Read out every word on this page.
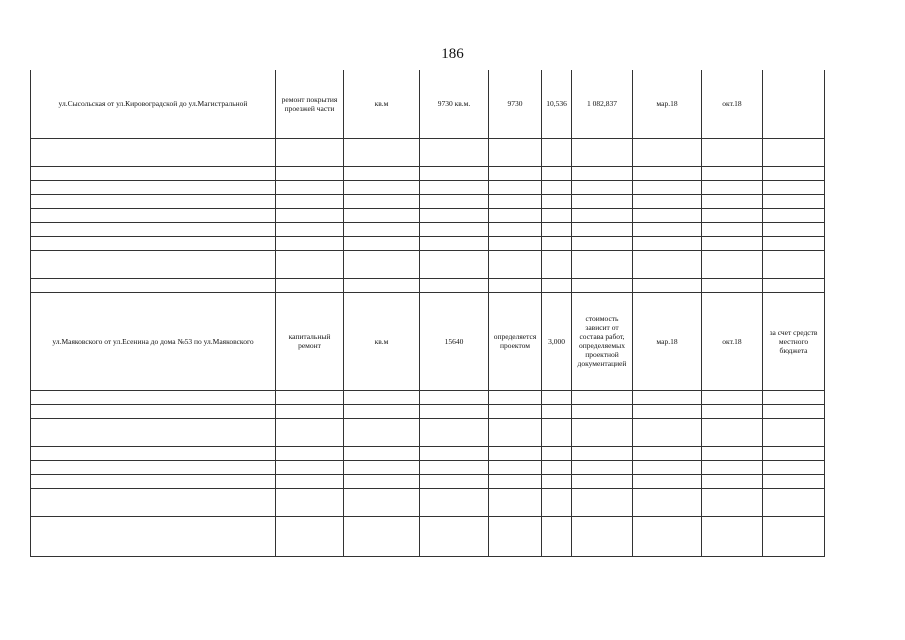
186
ул.Сысольская от ул.Кировоградской до ул.Магистральной	ремонт покрытия проезжей части	кв.м	9730 кв.м.	9730	10,536	1 082,837	мар.18	окт.18	

ул.Маяковского от ул.Есенина до дома №53 по ул.Маяковского	капитальный ремонт	кв.м	15640	определяется проектом	3,000	стоимость зависит от состава работ, определяемых проектной документацией	мар.18	окт.18	за счет средств местного бюджета
